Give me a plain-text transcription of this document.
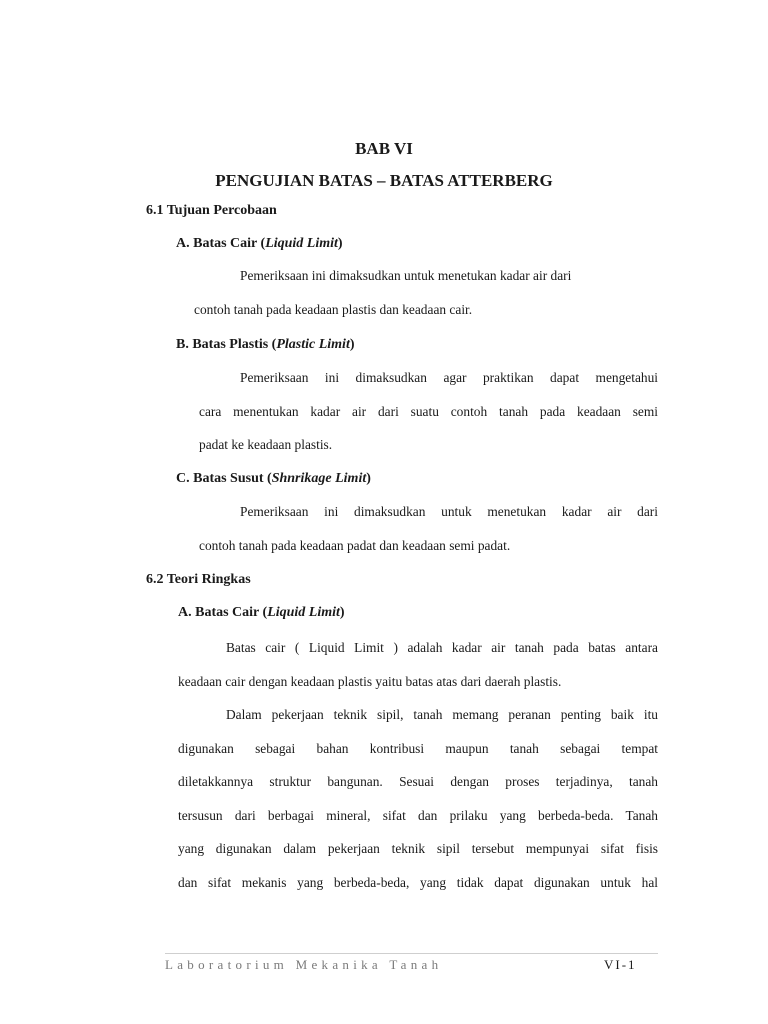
BAB VI
PENGUJIAN BATAS – BATAS ATTERBERG
6.1 Tujuan Percobaan
A. Batas Cair (Liquid Limit)
Pemeriksaan ini dimaksudkan untuk menetukan kadar air dari
contoh tanah pada keadaan plastis dan keadaan cair.
B. Batas Plastis (Plastic Limit)
Pemeriksaan ini dimaksudkan agar praktikan dapat mengetahui
cara menentukan kadar air dari suatu contoh tanah pada keadaan semi
padat ke keadaan plastis.
C. Batas Susut (Shnrikage Limit)
Pemeriksaan ini dimaksudkan untuk menetukan kadar air dari
contoh tanah pada keadaan padat dan keadaan semi padat.
6.2 Teori Ringkas
A. Batas Cair (Liquid Limit)
Batas cair ( Liquid Limit ) adalah kadar air tanah pada batas antara
keadaan cair dengan keadaan plastis yaitu batas atas dari daerah plastis.
Dalam pekerjaan teknik sipil, tanah memang peranan penting baik itu
digunakan sebagai bahan kontribusi maupun tanah sebagai tempat
diletakkannya struktur bangunan. Sesuai dengan proses terjadinya, tanah
tersusun dari berbagai mineral, sifat dan prilaku yang berbeda-beda. Tanah
yang digunakan dalam pekerjaan teknik sipil tersebut mempunyai sifat fisis
dan sifat mekanis yang berbeda-beda, yang tidak dapat digunakan untuk hal
Laboratorium Mekanika Tanah	VI-1
